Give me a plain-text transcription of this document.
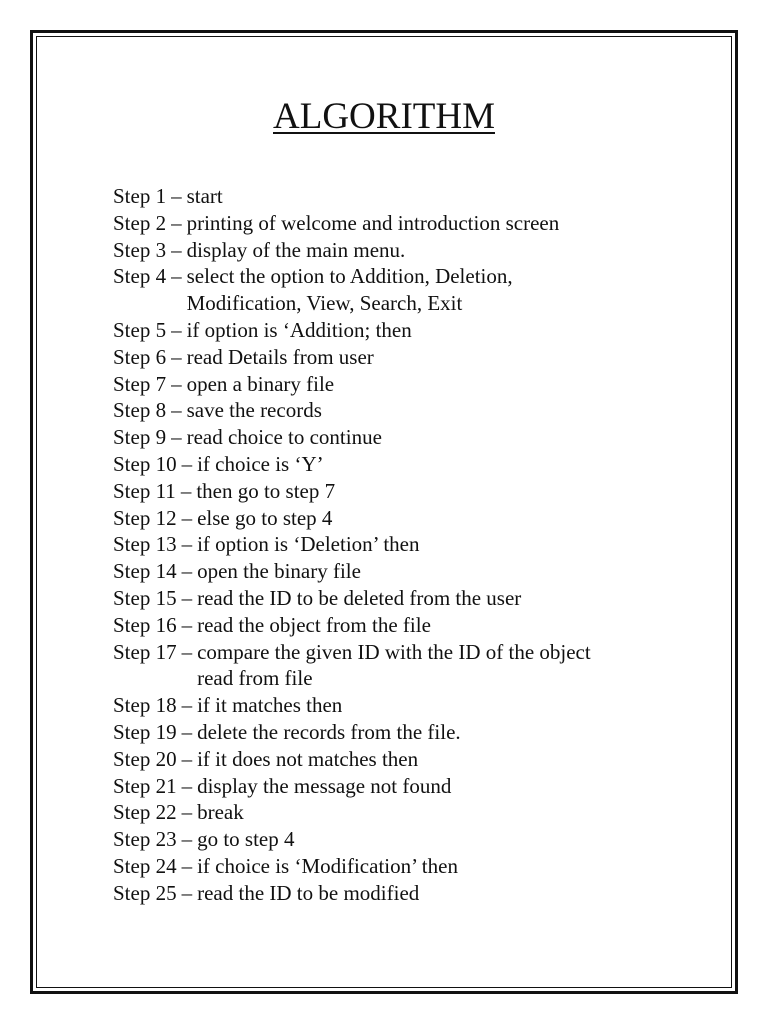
ALGORITHM
Step 1 – start
Step 2 – printing of welcome and introduction screen
Step 3 – display of the main menu.
Step 4 – select the option to Addition, Deletion,
Modification, View, Search, Exit
Step 5 – if option is ‘Addition; then
Step 6 – read Details from user
Step 7 – open a binary file
Step 8 – save the records
Step 9 – read choice to continue
Step 10 – if choice is ‘Y’
Step 11 – then go to step 7
Step 12 – else go to step 4
Step 13 – if option is ‘Deletion’ then
Step 14 – open the binary file
Step 15 – read the ID to be deleted from the user
Step 16 – read the object from the file
Step 17 – compare the given ID with the ID of the object
read from file
Step 18 – if it matches then
Step 19 – delete the records from the file.
Step 20 – if it does not matches then
Step 21 – display the message not found
Step 22 – break
Step 23 – go to step 4
Step 24 – if choice is ‘Modification’ then
Step 25 – read the ID to be modified
